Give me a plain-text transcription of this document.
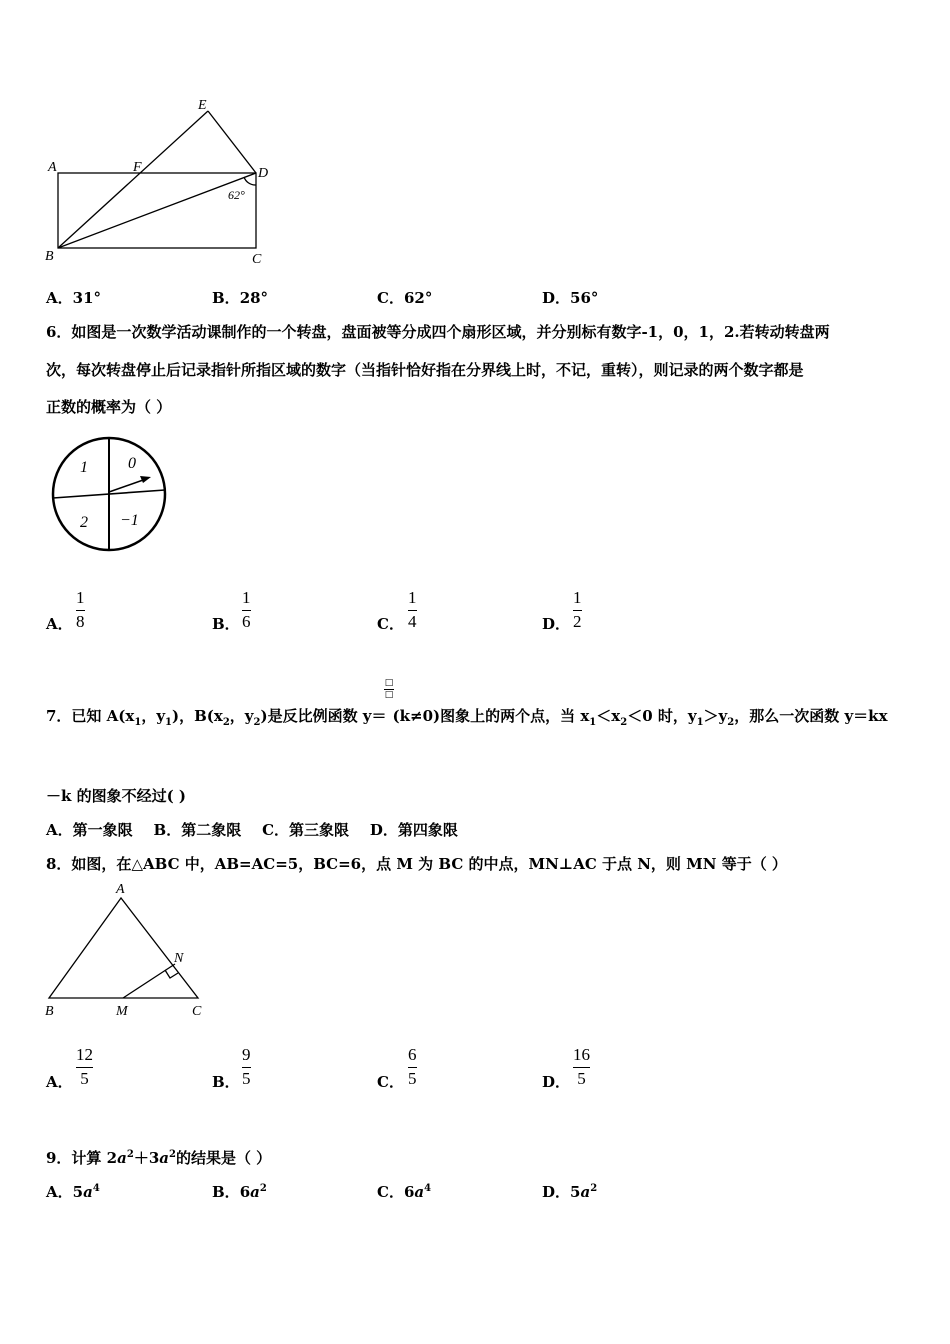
A
E
F	D
B	C
62°
A．31°	B．28°	C．62°	D．56°
6．如图是一次数学活动课制作的一个转盘，盘面被等分成四个扇形区域，并分别标有数字-1，0，1，2.若转动转盘两
次，每次转盘停止后记录指针所指区域的数字（当指针恰好指在分界线上时，不记，重转），则记录的两个数字都是
正数的概率为（ ）
1	0
2 −1
A．
1
8	B．
1
6	C．
1
4	D．
1
2
7．已知 $A(x_1$，$y_1$)，$B(x_2$，$y_2$)是反比例函数 y＝ (k≠0)图象上的两个点，当 $x_1<x_2<0$ 时，$y_1>y_2$，那么一次函数 y＝kx
□
□
－k 的图象不经过( )
A．第一象限    B．第二象限    C．第三象限    D．第四象限
8．如图，在△ABC 中，AB=AC=5，BC=6，点 M 为 BC 的中点，MN⊥AC 于点 N，则 MN 等于（ ）
A
B	M	C
N
A．
12
5	B．
9
5	C．
6
5	D．
16
5
9．计算 $2a^2+3a^2$的结果是（ ）
A．$5a^4$	B．$6a^2$	C．$6a^4$	D．$5a^2$
